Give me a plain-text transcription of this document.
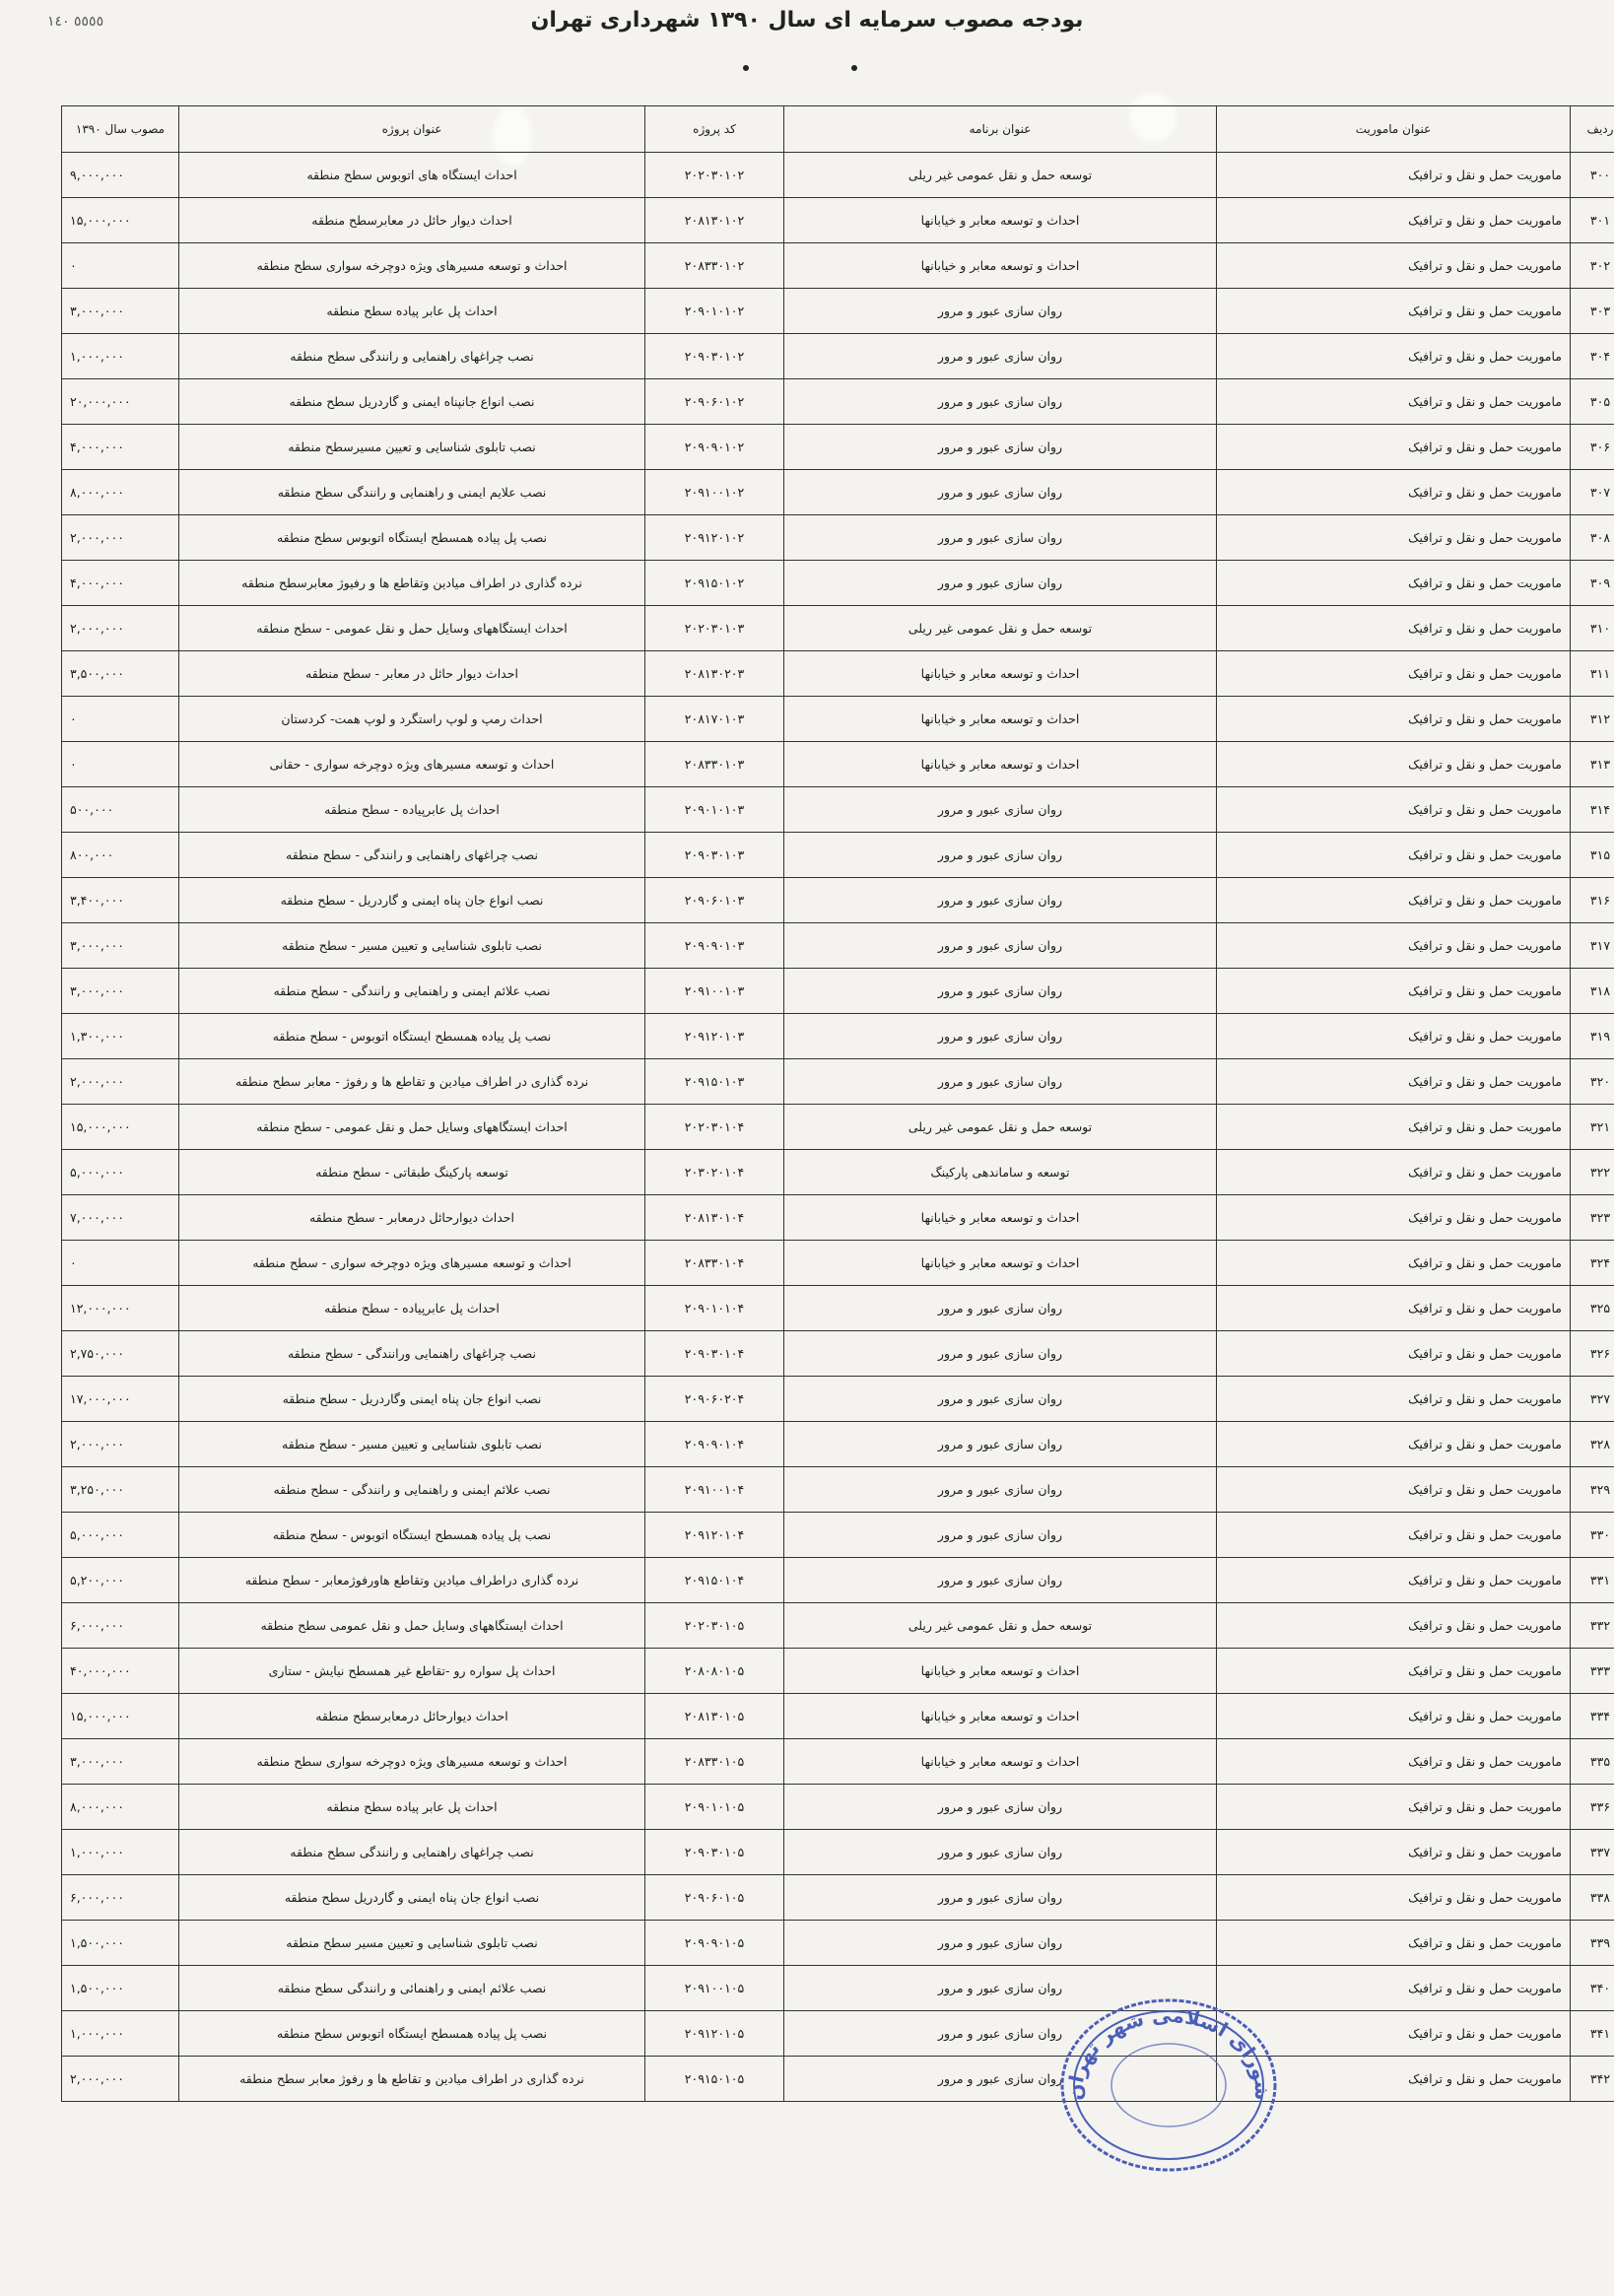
٥٥٥٥ ١٤٠	بودجه مصوب سرمایه ای سال ۱۳۹۰ شهرداری تهران
ردیف	عنوان ماموریت	عنوان برنامه	کد پروژه	عنوان پروژه	مصوب سال ۱۳۹۰
۳۰۰	ماموریت حمل و نقل و ترافیک	توسعه حمل و نقل عمومی غیر ریلی	۲۰۲۰۳۰۱۰۲	احداث ایستگاه های اتوبوس سطح منطقه	۹,۰۰۰,۰۰۰
۳۰۱	ماموریت حمل و نقل و ترافیک	احداث و توسعه معابر و خیابانها	۲۰۸۱۳۰۱۰۲	احداث دیوار حائل در معابرسطح منطقه	۱۵,۰۰۰,۰۰۰
۳۰۲	ماموریت حمل و نقل و ترافیک	احداث و توسعه معابر و خیابانها	۲۰۸۳۳۰۱۰۲	احداث و توسعه مسیرهای ویژه دوچرخه سواری سطح منطقه	۰
۳۰۳	ماموریت حمل و نقل و ترافیک	روان سازی عبور و مرور	۲۰۹۰۱۰۱۰۲	احداث پل عابر پیاده سطح منطقه	۳,۰۰۰,۰۰۰
۳۰۴	ماموریت حمل و نقل و ترافیک	روان سازی عبور و مرور	۲۰۹۰۳۰۱۰۲	نصب چراغهای راهنمایی و رانندگی سطح منطقه	۱,۰۰۰,۰۰۰
۳۰۵	ماموریت حمل و نقل و ترافیک	روان سازی عبور و مرور	۲۰۹۰۶۰۱۰۲	نصب انواع جانپناه ایمنی و گاردریل سطح منطقه	۲۰,۰۰۰,۰۰۰
۳۰۶	ماموریت حمل و نقل و ترافیک	روان سازی عبور و مرور	۲۰۹۰۹۰۱۰۲	نصب تابلوی شناسایی و تعیین مسیرسطح منطقه	۴,۰۰۰,۰۰۰
۳۰۷	ماموریت حمل و نقل و ترافیک	روان سازی عبور و مرور	۲۰۹۱۰۰۱۰۲	نصب علایم ایمنی و راهنمایی و رانندگی سطح منطقه	۸,۰۰۰,۰۰۰
۳۰۸	ماموریت حمل و نقل و ترافیک	روان سازی عبور و مرور	۲۰۹۱۲۰۱۰۲	نصب پل پیاده همسطح ایستگاه اتوبوس سطح منطقه	۲,۰۰۰,۰۰۰
۳۰۹	ماموریت حمل و نقل و ترافیک	روان سازی عبور و مرور	۲۰۹۱۵۰۱۰۲	نرده گذاری در اطراف میادین وتقاطع ها و رفیوژ معابرسطح منطقه	۴,۰۰۰,۰۰۰
۳۱۰	ماموریت حمل و نقل و ترافیک	توسعه حمل و نقل عمومی غیر ریلی	۲۰۲۰۳۰۱۰۳	احداث ایستگاههای وسایل حمل و نقل عمومی - سطح منطقه	۲,۰۰۰,۰۰۰
۳۱۱	ماموریت حمل و نقل و ترافیک	احداث و توسعه معابر و خیابانها	۲۰۸۱۳۰۲۰۳	احداث دیوار حائل در معابر - سطح منطقه	۳,۵۰۰,۰۰۰
۳۱۲	ماموریت حمل و نقل و ترافیک	احداث و توسعه معابر و خیابانها	۲۰۸۱۷۰۱۰۳	احداث رمپ و لوپ راستگرد و لوپ همت- کردستان	۰
۳۱۳	ماموریت حمل و نقل و ترافیک	احداث و توسعه معابر و خیابانها	۲۰۸۳۳۰۱۰۳	احداث و توسعه مسیرهای ویژه دوچرخه سواری - حقانی	۰
۳۱۴	ماموریت حمل و نقل و ترافیک	روان سازی عبور و مرور	۲۰۹۰۱۰۱۰۳	احداث پل عابرپیاده - سطح منطقه	۵۰۰,۰۰۰
۳۱۵	ماموریت حمل و نقل و ترافیک	روان سازی عبور و مرور	۲۰۹۰۳۰۱۰۳	نصب چراغهای راهنمایی و رانندگی - سطح منطقه	۸۰۰,۰۰۰
۳۱۶	ماموریت حمل و نقل و ترافیک	روان سازی عبور و مرور	۲۰۹۰۶۰۱۰۳	نصب انواع جان پناه ایمنی و گاردریل - سطح منطقه	۳,۴۰۰,۰۰۰
۳۱۷	ماموریت حمل و نقل و ترافیک	روان سازی عبور و مرور	۲۰۹۰۹۰۱۰۳	نصب تابلوی شناسایی و تعیین مسیر - سطح منطقه	۳,۰۰۰,۰۰۰
۳۱۸	ماموریت حمل و نقل و ترافیک	روان سازی عبور و مرور	۲۰۹۱۰۰۱۰۳	نصب علائم ایمنی و راهنمایی و رانندگی - سطح منطقه	۳,۰۰۰,۰۰۰
۳۱۹	ماموریت حمل و نقل و ترافیک	روان سازی عبور و مرور	۲۰۹۱۲۰۱۰۳	نصب پل پیاده همسطح ایستگاه اتوبوس - سطح منطقه	۱,۳۰۰,۰۰۰
۳۲۰	ماموریت حمل و نقل و ترافیک	روان سازی عبور و مرور	۲۰۹۱۵۰۱۰۳	نرده گذاری در اطراف میادین و تقاطع ها و رفوژ - معابر سطح منطقه	۲,۰۰۰,۰۰۰
۳۲۱	ماموریت حمل و نقل و ترافیک	توسعه حمل و نقل عمومی غیر ریلی	۲۰۲۰۳۰۱۰۴	احداث ایستگاههای وسایل حمل و نقل عمومی - سطح منطقه	۱۵,۰۰۰,۰۰۰
۳۲۲	ماموریت حمل و نقل و ترافیک	توسعه و ساماندهی پارکینگ	۲۰۳۰۲۰۱۰۴	توسعه پارکینگ طبقاتی - سطح منطقه	۵,۰۰۰,۰۰۰
۳۲۳	ماموریت حمل و نقل و ترافیک	احداث و توسعه معابر و خیابانها	۲۰۸۱۳۰۱۰۴	احداث دیوارحائل درمعابر - سطح منطقه	۷,۰۰۰,۰۰۰
۳۲۴	ماموریت حمل و نقل و ترافیک	احداث و توسعه معابر و خیابانها	۲۰۸۳۳۰۱۰۴	احداث و توسعه مسیرهای ویژه دوچرخه سواری - سطح منطقه	۰
۳۲۵	ماموریت حمل و نقل و ترافیک	روان سازی عبور و مرور	۲۰۹۰۱۰۱۰۴	احداث پل عابرپیاده - سطح منطقه	۱۲,۰۰۰,۰۰۰
۳۲۶	ماموریت حمل و نقل و ترافیک	روان سازی عبور و مرور	۲۰۹۰۳۰۱۰۴	نصب چراغهای راهنمایی ورانندگی - سطح منطقه	۲,۷۵۰,۰۰۰
۳۲۷	ماموریت حمل و نقل و ترافیک	روان سازی عبور و مرور	۲۰۹۰۶۰۲۰۴	نصب انواع جان پناه ایمنی وگاردریل - سطح منطقه	۱۷,۰۰۰,۰۰۰
۳۲۸	ماموریت حمل و نقل و ترافیک	روان سازی عبور و مرور	۲۰۹۰۹۰۱۰۴	نصب تابلوی شناسایی و تعیین مسیر - سطح منطقه	۲,۰۰۰,۰۰۰
۳۲۹	ماموریت حمل و نقل و ترافیک	روان سازی عبور و مرور	۲۰۹۱۰۰۱۰۴	نصب علائم ایمنی و راهنمایی و رانندگی - سطح منطقه	۳,۲۵۰,۰۰۰
۳۳۰	ماموریت حمل و نقل و ترافیک	روان سازی عبور و مرور	۲۰۹۱۲۰۱۰۴	نصب پل پیاده همسطح ایستگاه اتوبوس - سطح منطقه	۵,۰۰۰,۰۰۰
۳۳۱	ماموریت حمل و نقل و ترافیک	روان سازی عبور و مرور	۲۰۹۱۵۰۱۰۴	نرده گذاری دراطراف میادین وتقاطع هاورفوژمعابر - سطح منطقه	۵,۲۰۰,۰۰۰
۳۳۲	ماموریت حمل و نقل و ترافیک	توسعه حمل و نقل عمومی غیر ریلی	۲۰۲۰۳۰۱۰۵	احداث ایستگاههای وسایل حمل و نقل عمومی سطح منطقه	۶,۰۰۰,۰۰۰
۳۳۳	ماموریت حمل و نقل و ترافیک	احداث و توسعه معابر و خیابانها	۲۰۸۰۸۰۱۰۵	احداث پل سواره رو -تقاطع غیر همسطح نیایش - ستاری	۴۰,۰۰۰,۰۰۰
۳۳۴	ماموریت حمل و نقل و ترافیک	احداث و توسعه معابر و خیابانها	۲۰۸۱۳۰۱۰۵	احداث دیوارحائل درمعابرسطح منطقه	۱۵,۰۰۰,۰۰۰
۳۳۵	ماموریت حمل و نقل و ترافیک	احداث و توسعه معابر و خیابانها	۲۰۸۳۳۰۱۰۵	احداث و توسعه مسیرهای ویژه دوچرخه سواری سطح منطقه	۳,۰۰۰,۰۰۰
۳۳۶	ماموریت حمل و نقل و ترافیک	روان سازی عبور و مرور	۲۰۹۰۱۰۱۰۵	احداث پل عابر پیاده سطح منطقه	۸,۰۰۰,۰۰۰
۳۳۷	ماموریت حمل و نقل و ترافیک	روان سازی عبور و مرور	۲۰۹۰۳۰۱۰۵	نصب چراغهای راهنمایی و رانندگی سطح منطقه	۱,۰۰۰,۰۰۰
۳۳۸	ماموریت حمل و نقل و ترافیک	روان سازی عبور و مرور	۲۰۹۰۶۰۱۰۵	نصب انواع جان پناه ایمنی و گاردریل سطح منطقه	۶,۰۰۰,۰۰۰
۳۳۹	ماموریت حمل و نقل و ترافیک	روان سازی عبور و مرور	۲۰۹۰۹۰۱۰۵	نصب تابلوی شناسایی و تعیین مسیر سطح منطقه	۱,۵۰۰,۰۰۰
۳۴۰	ماموریت حمل و نقل و ترافیک	روان سازی عبور و مرور	۲۰۹۱۰۰۱۰۵	نصب علائم ایمنی و راهنمائی و رانندگی سطح منطقه	۱,۵۰۰,۰۰۰
۳۴۱	ماموریت حمل و نقل و ترافیک	روان سازی عبور و مرور	۲۰۹۱۲۰۱۰۵	نصب پل پیاده همسطح ایستگاه اتوبوس سطح منطقه	۱,۰۰۰,۰۰۰
۳۴۲	ماموریت حمل و نقل و ترافیک	روان سازی عبور و مرور	۲۰۹۱۵۰۱۰۵	نرده گذاری در اطراف میادین و تقاطع ها و رفوژ معابر سطح منطقه	۲,۰۰۰,۰۰۰
شورای اسلامی شهر تهران
